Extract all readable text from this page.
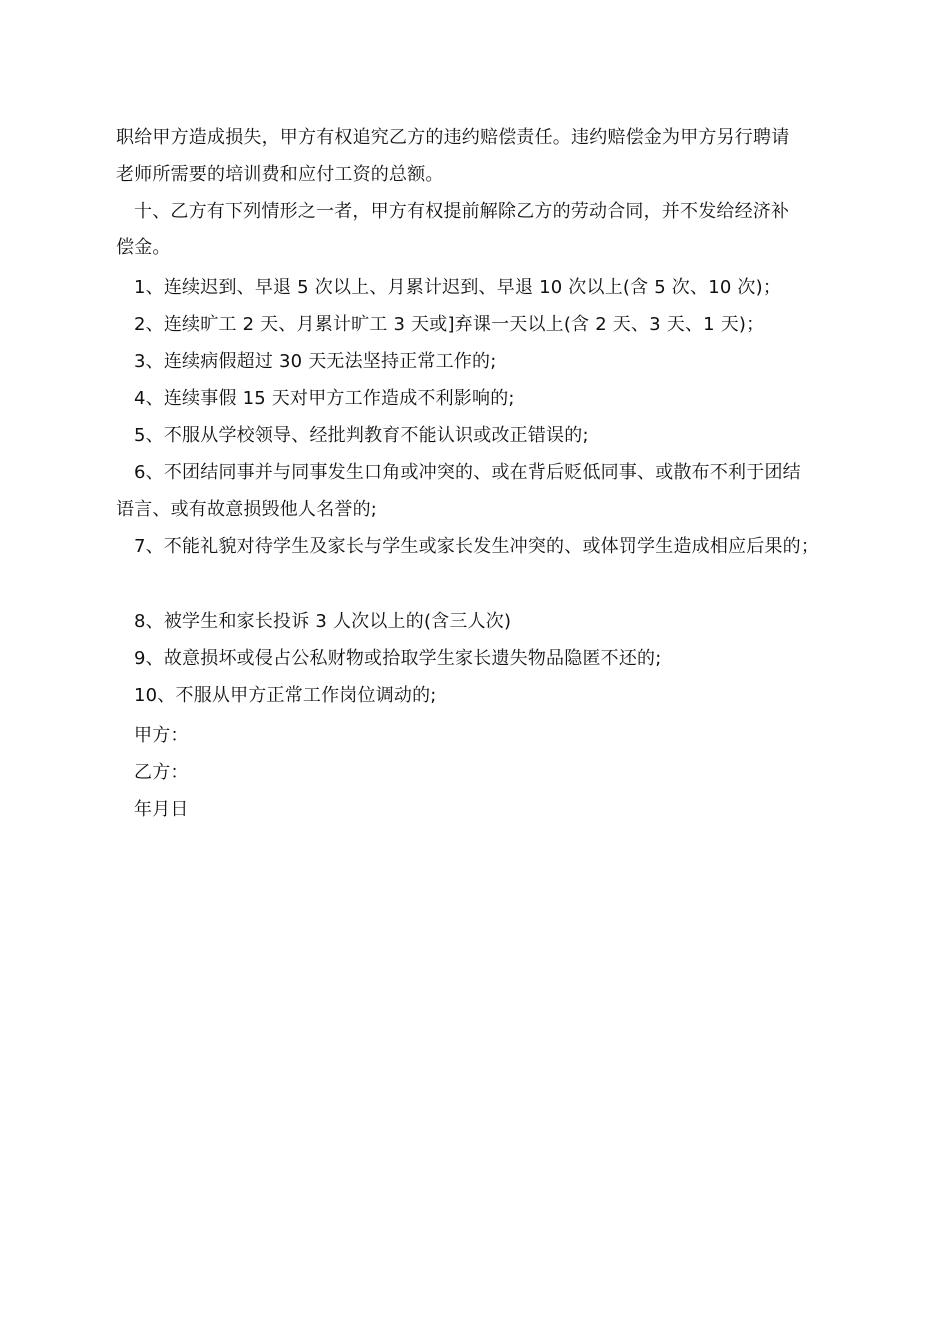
职给甲方造成损失，甲方有权追究乙方的违约赔偿责任。违约赔偿金为甲方另行聘请
老师所需要的培训费和应付工资的总额。
十、乙方有下列情形之一者，甲方有权提前解除乙方的劳动合同，并不发给经济补
偿金。
1、连续迟到、早退 5 次以上、月累计迟到、早退 10 次以上(含 5 次、10 次)；
2、连续旷工 2 天、月累计旷工 3 天或]弃课一天以上(含 2 天、3 天、1 天)；
3、连续病假超过 30 天无法坚持正常工作的;
4、连续事假 15 天对甲方工作造成不利影响的;
5、不服从学校领导、经批判教育不能认识或改正错误的;
6、不团结同事并与同事发生口角或冲突的、或在背后贬低同事、或散布不利于团结
语言、或有故意损毁他人名誉的;
7、不能礼貌对待学生及家长与学生或家长发生冲突的、或体罚学生造成相应后果的；
8、被学生和家长投诉 3 人次以上的(含三人次)
9、故意损坏或侵占公私财物或拾取学生家长遗失物品隐匿不还的;
10、不服从甲方正常工作岗位调动的;
甲方：
乙方：
年月日
